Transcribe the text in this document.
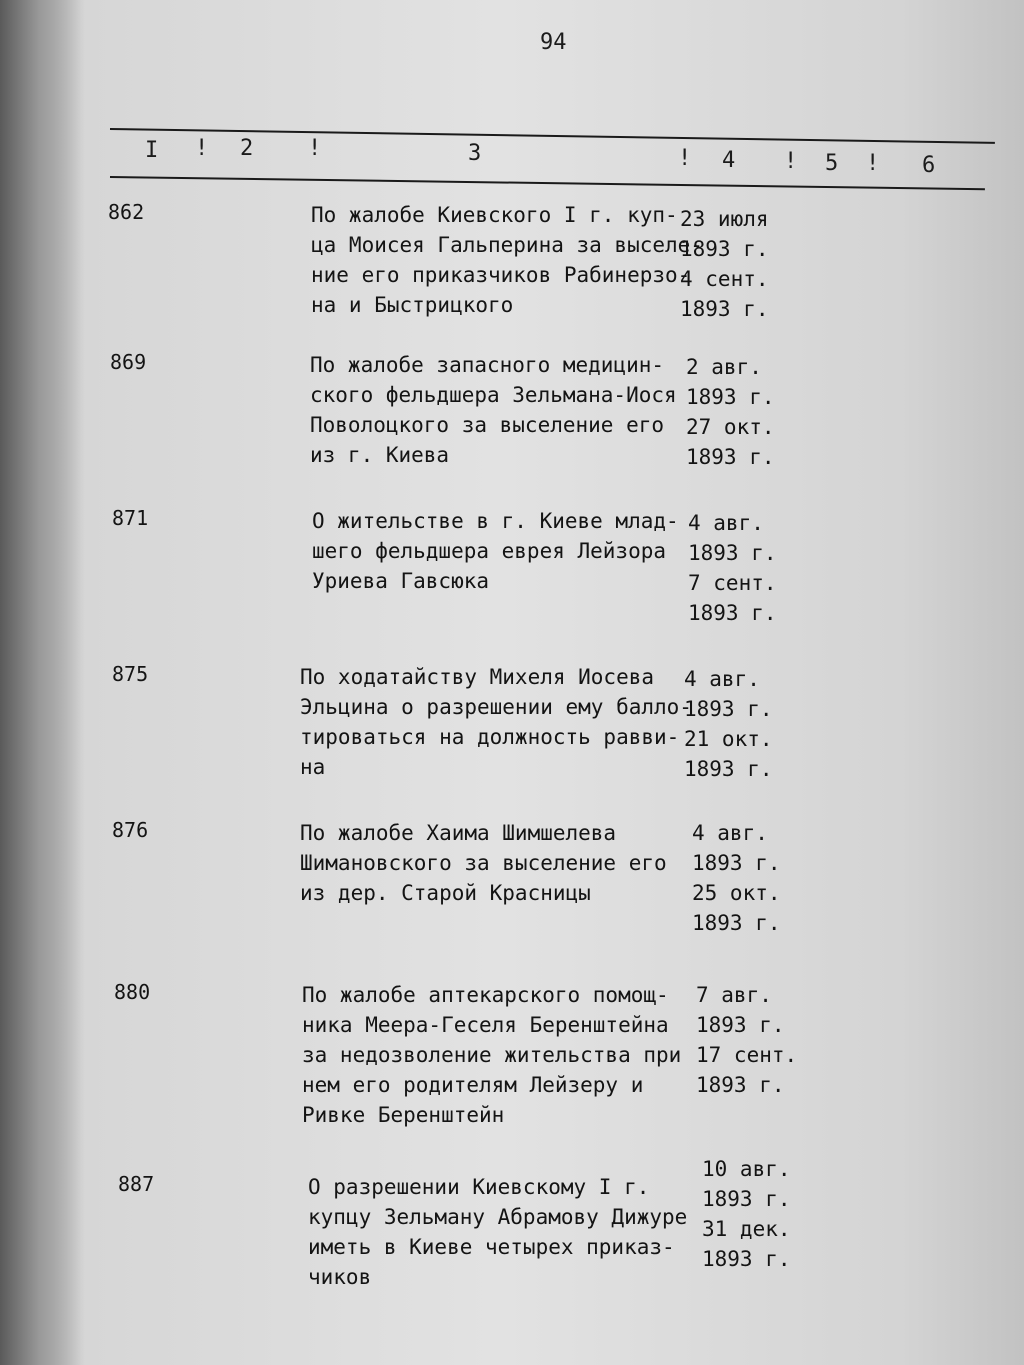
94
I ! 2 !	3	! 4 ! 5 ! 6
862	По жалобе Киевского I г. куп-
ца Моисея Гальперина за выселе-
ние его приказчиков Рабинерзо-
на и Быстрицкого
23 июля
1893 г.
4 сент.
1893 г.
869	По жалобе запасного медицин-
ского фельдшера Зельмана-Иося
Поволоцкого за выселение его
из г. Киева
2 авг.
1893 г.
27 окт.
1893 г.
871	О жительстве в г. Киеве млад-
шего фельдшера еврея Лейзора
Уриева Гавсюка
4 авг.
1893 г.
7 сент.
1893 г.
875	По ходатайству Михеля Иосева
Эльцина о разрешении ему балло-
тироваться на должность равви-
на
4 авг.
1893 г.
21 окт.
1893 г.
876	По жалобе Хаима Шимшелева
Шимановского за выселение его
из дер. Старой Красницы
4 авг.
1893 г.
25 окт.
1893 г.
880	По жалобе аптекарского помощ-
ника Меера-Геселя Беренштейна
за недозволение жительства при
нем его родителям Лейзеру и
Ривке Беренштейн
7 авг.
1893 г.
17 сент.
1893 г.
887	О разрешении Киевскому I г.
купцу Зельману Абрамову Дижуре
иметь в Киеве четырех приказ-
чиков
10 авг.
1893 г.
31 дек.
1893 г.
